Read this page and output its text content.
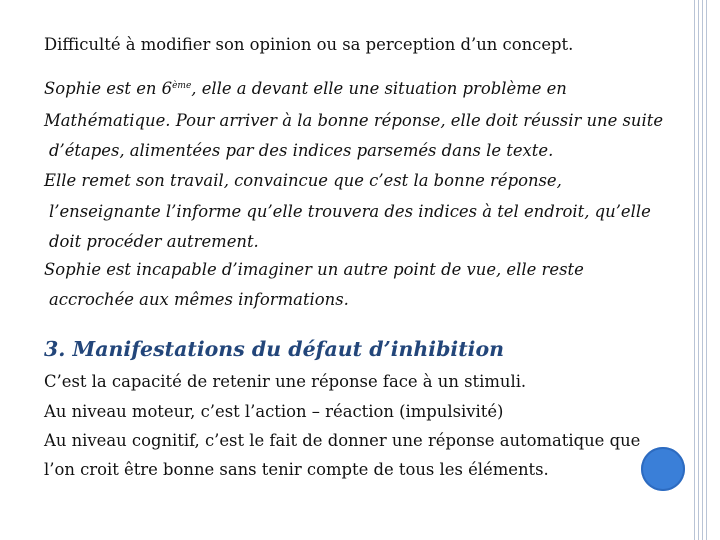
Difficulté à modifier son opinion ou sa perception d’un concept.

Sophie est en 6ème, elle a devant elle une situation problème en

Mathématique. Pour arriver à la bonne réponse, elle doit réussir une suite

d’étapes, alimentées par des indices parsemés dans le texte.

Elle remet son travail, convaincue que c’est la bonne réponse,

l’enseignante l’informe qu’elle trouvera des indices à tel endroit, qu’elle

doit procéder autrement.

Sophie est incapable d’imaginer un autre point de vue, elle reste

accrochée aux mêmes informations.

3. Manifestations du défaut d’inhibition

C’est la capacité de retenir une réponse face à un stimuli.

Au niveau moteur, c’est l’action – réaction (impulsivité)

Au niveau cognitif, c’est le fait de donner une réponse automatique que

l’on croit être bonne sans tenir compte de tous les éléments.
